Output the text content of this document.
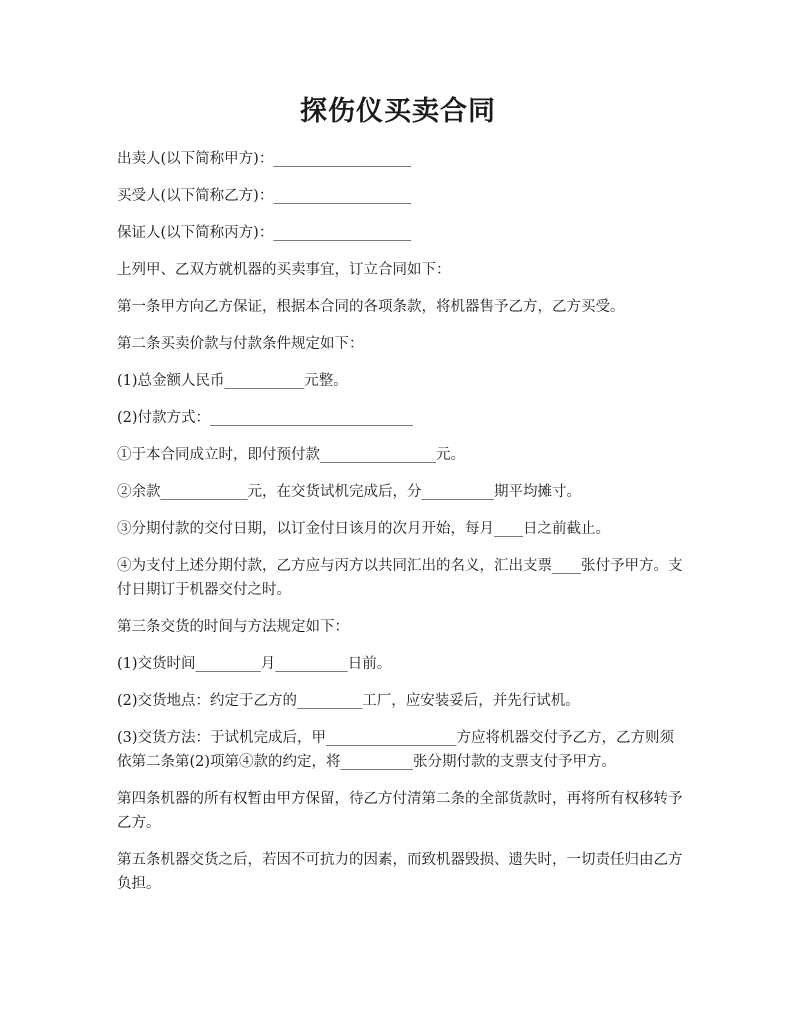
探伤仪买卖合同

出卖人(以下简称甲方)：___________________

买受人(以下简称乙方)：___________________

保证人(以下简称丙方)：___________________

上列甲、乙双方就机器的买卖事宜，订立合同如下：

第一条甲方向乙方保证，根据本合同的各项条款，将机器售予乙方，乙方买受。

第二条买卖价款与付款条件规定如下：

(1)总金额人民币___________元整。

(2)付款方式：____________________________

①于本合同成立时，即付预付款________________元。

②余款____________元，在交货试机完成后，分__________期平均摊寸。

③分期付款的交付日期，以订金付日该月的次月开始，每月____日之前截止。

④为支付上述分期付款，乙方应与丙方以共同汇出的名义，汇出支票____张付予甲方。支付日期订于机器交付之时。

第三条交货的时间与方法规定如下：

(1)交货时间_________月__________日前。

(2)交货地点：约定于乙方的_________工厂，应安装妥后，并先行试机。

(3)交货方法：于试机完成后，甲__________________方应将机器交付予乙方，乙方则须依第二条第(2)项第④款的约定，将__________张分期付款的支票支付予甲方。

第四条机器的所有权暂由甲方保留，待乙方付清第二条的全部货款时，再将所有权移转予乙方。

第五条机器交货之后，若因不可抗力的因素，而致机器毁损、遗失时，一切责任归由乙方负担。
